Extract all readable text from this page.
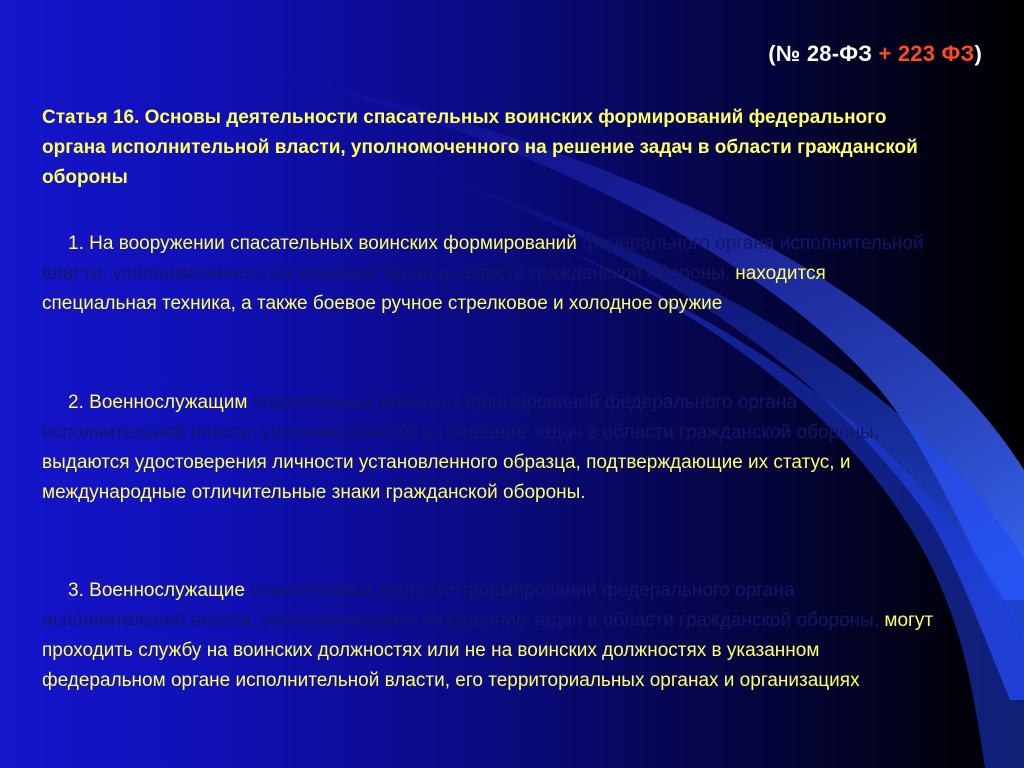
(№ 28-ФЗ + 223 ФЗ)

Статья 16. Основы деятельности спасательных воинских формирований федерального органа исполнительной власти, уполномоченного на решение задач в области гражданской обороны

1. На вооружении спасательных воинских формирований федерального органа исполнительной власти, уполномоченного на решение задач в области гражданской обороны, находится специальная техника, а также боевое ручное стрелковое и холодное оружие

2. Военнослужащим спасательных воинских формирований федерального органа исполнительной власти, уполномоченного на решение задач в области гражданской обороны, выдаются удостоверения личности установленного образца, подтверждающие их статус, и международные отличительные знаки гражданской обороны.

3. Военнослужащие спасательных воинских формирований федерального органа исполнительной власти, уполномоченного на решение задач в области гражданской обороны, могут проходить службу на воинских должностях или не на воинских должностях в указанном федеральном органе исполнительной власти, его территориальных органах и организациях
